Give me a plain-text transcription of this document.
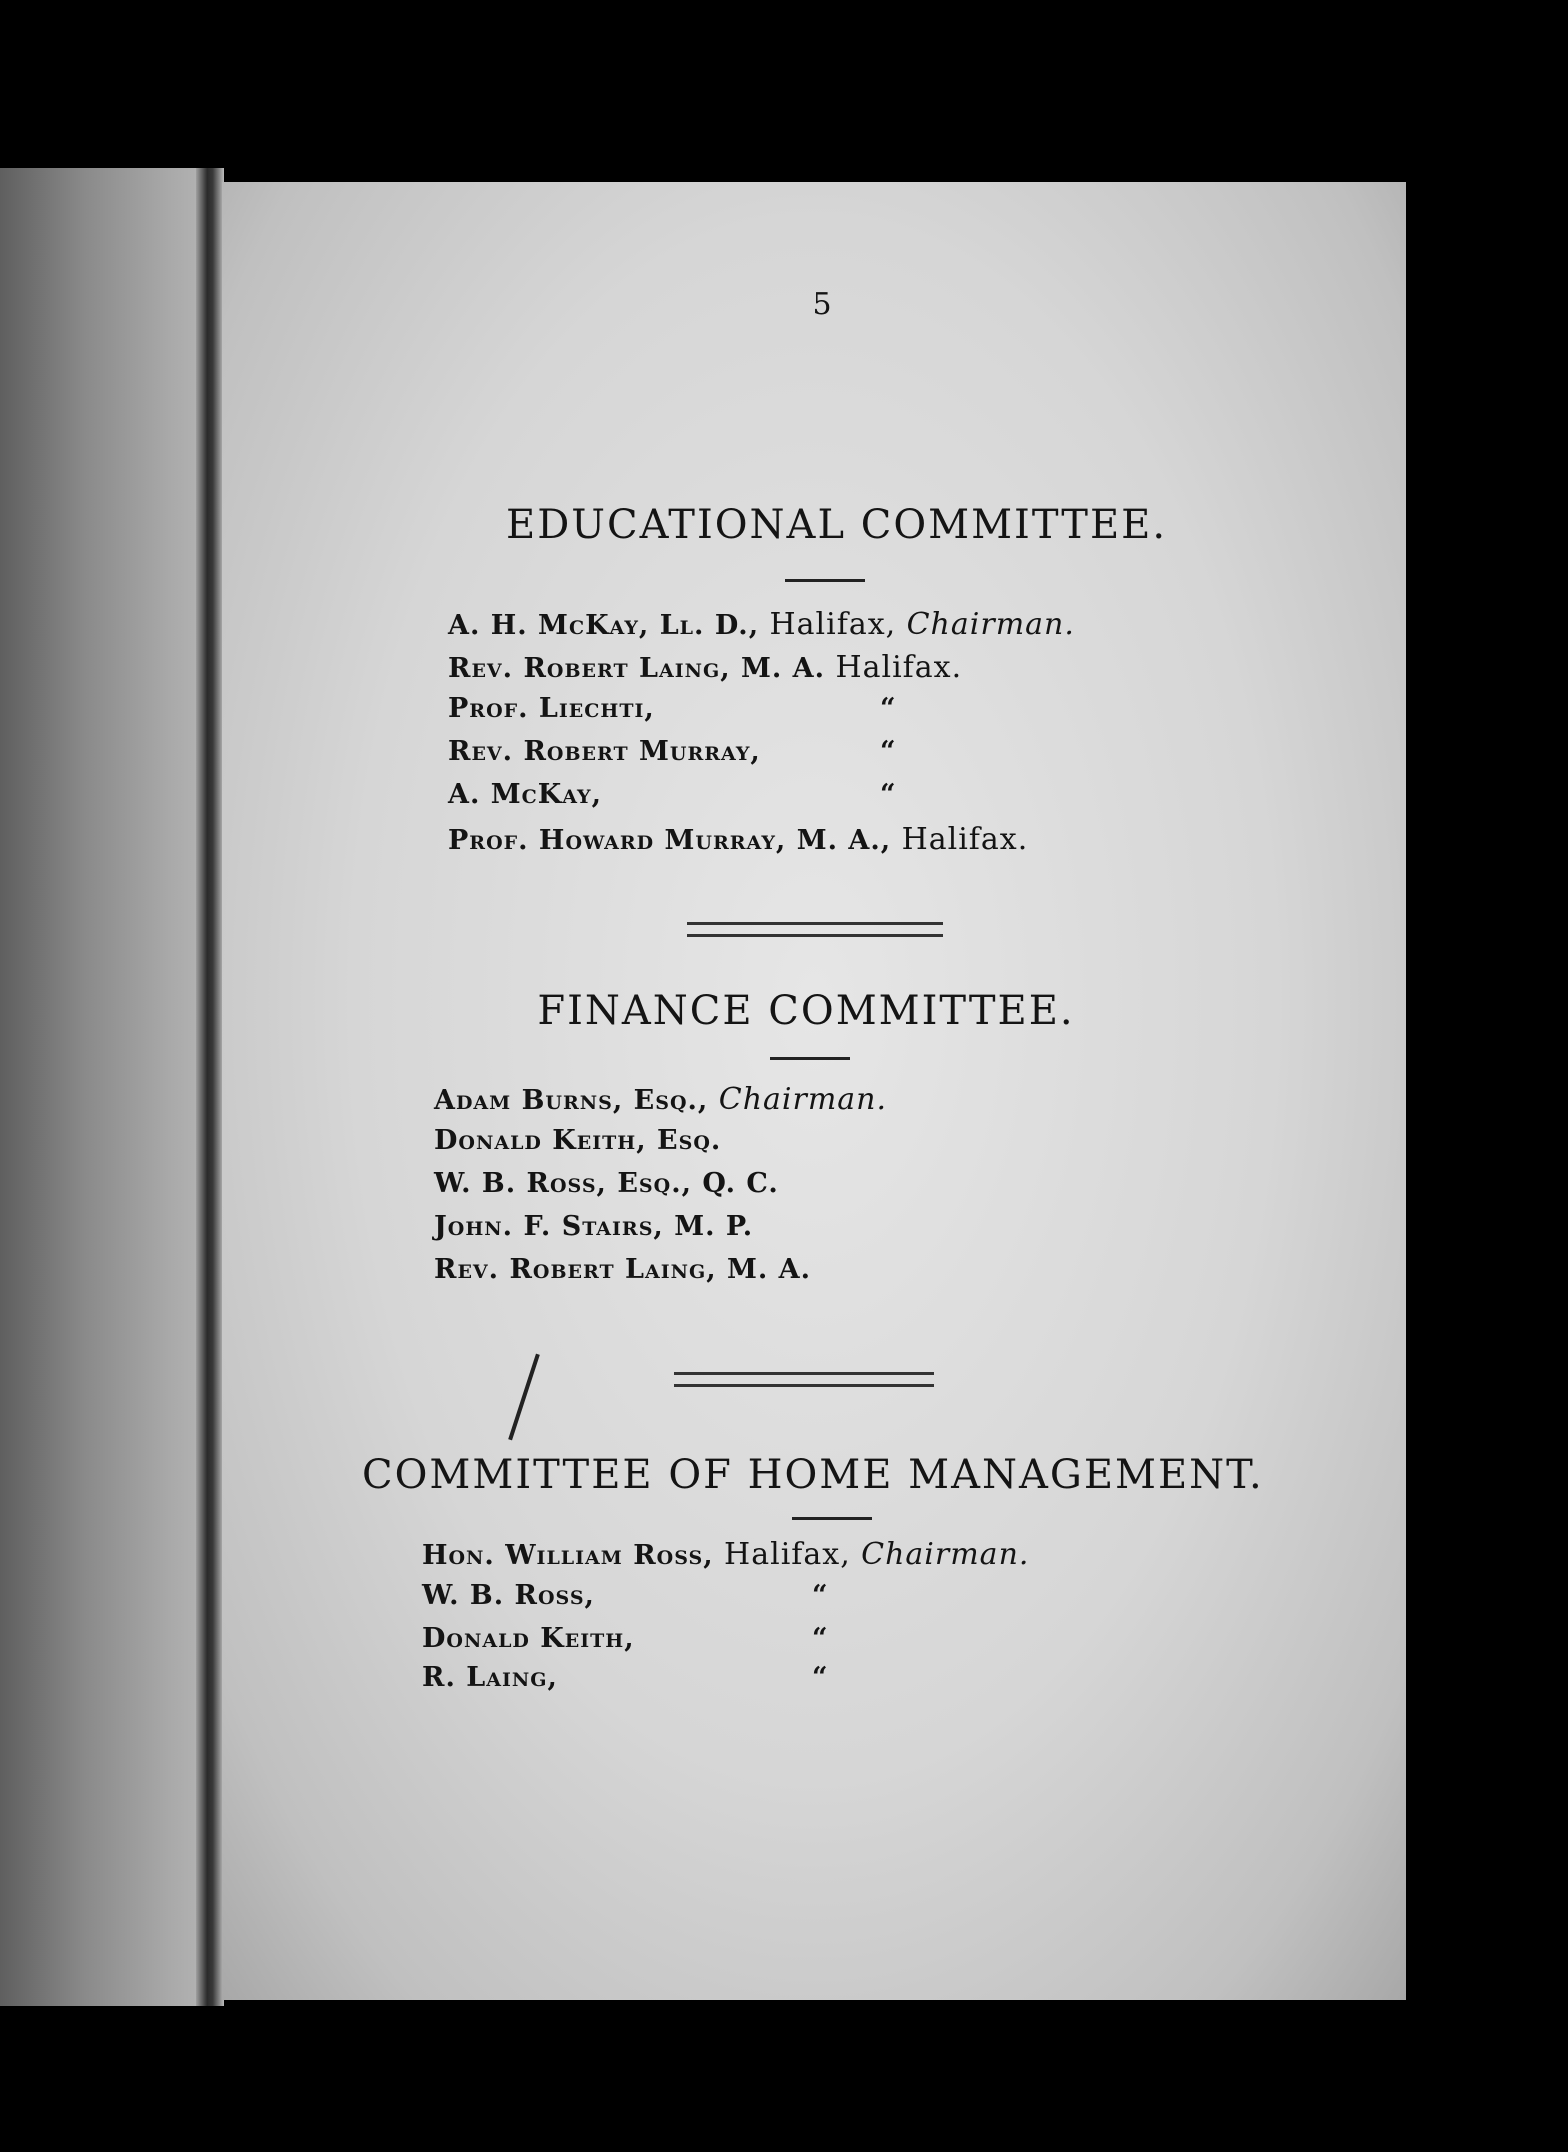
5
EDUCATIONAL COMMITTEE.
A. H. McKay, Ll. D., Halifax, Chairman.
Rev. Robert Laing, M. A. Halifax.
Prof. Liechti,	“
Rev. Robert Murray,	“
A. McKay,	“
Prof. Howard Murray, M. A., Halifax.
FINANCE COMMITTEE.
Adam Burns, Esq., Chairman.
Donald Keith, Esq.
W. B. Ross, Esq., Q. C.
John. F. Stairs, M. P.
Rev. Robert Laing, M. A.
COMMITTEE OF HOME MANAGEMENT.
Hon. William Ross, Halifax, Chairman.
W. B. Ross,	“
Donald Keith,	“
R. Laing,	“
